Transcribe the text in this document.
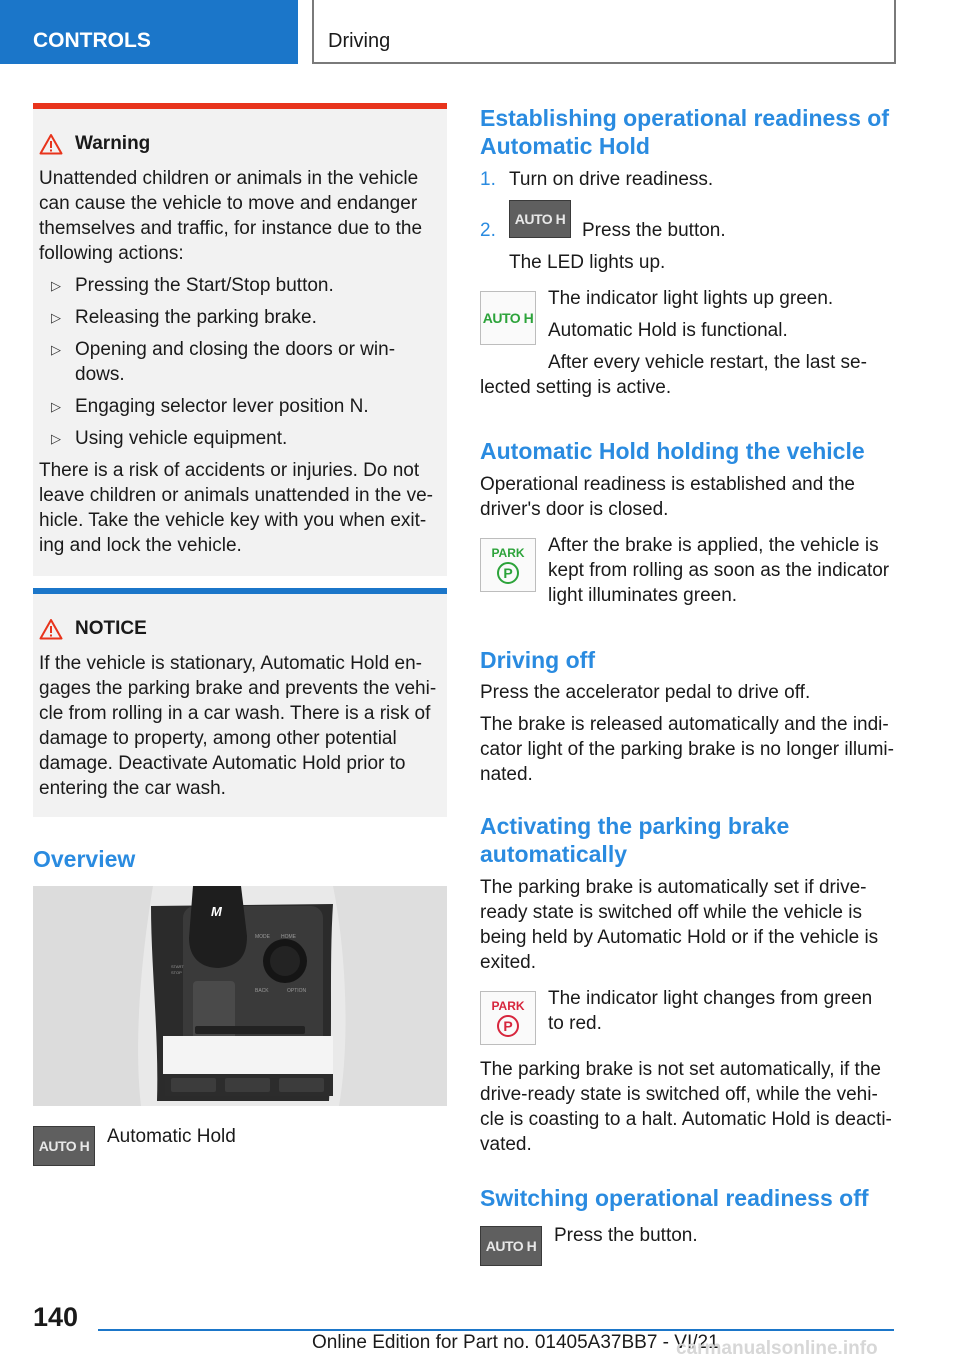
CONTROLS	Driving
Warning

Unattended children or animals in the vehicle can cause the vehicle to move and endanger themselves and traffic, for instance due to the following actions:

▷ Pressing the Start/Stop button.
▷ Releasing the parking brake.
▷ Opening and closing the doors or win-dows.
▷ Engaging selector lever position N.
▷ Using vehicle equipment.

There is a risk of accidents or injuries. Do not leave children or animals unattended in the ve-hicle. Take the vehicle key with you when exit-ing and lock the vehicle.

NOTICE

If the vehicle is stationary, Automatic Hold en-gages the parking brake and prevents the vehi-cle from rolling in a car wash. There is a risk of damage to property, among other potential damage. Deactivate Automatic Hold prior to entering the car wash.

Overview
M
MODE HOME
BACK	OPTION
START
STOP
AUTO H Automatic Hold
Establishing operational readiness of Automatic Hold
1. Turn on drive readiness.
2.
AUTO H
Press the button.
The LED lights up.
AUTO H
The indicator light lights up green.
Automatic Hold is functional.
After every vehicle restart, the last se-
lected setting is active.
Automatic Hold holding the vehicle
Operational readiness is established and the driver's door is closed.
PARK
P
After the brake is applied, the vehicle is kept from rolling as soon as the indicator light illuminates green.
Driving off
Press the accelerator pedal to drive off.
The brake is released automatically and the indi-cator light of the parking brake is no longer illumi-nated.
Activating the parking brake automatically
The parking brake is automatically set if drive-ready state is switched off while the vehicle is being held by Automatic Hold or if the vehicle is exited.
PARK
P
The indicator light changes from green to red.
The parking brake is not set automatically, if the drive-ready state is switched off, while the vehi-cle is coasting to a halt. Automatic Hold is deacti-vated.
Switching operational readiness off
AUTO H Press the button.
140
Online Edition for Part no. 01405A37BB7 - VI/21
carmanualsonline.info
